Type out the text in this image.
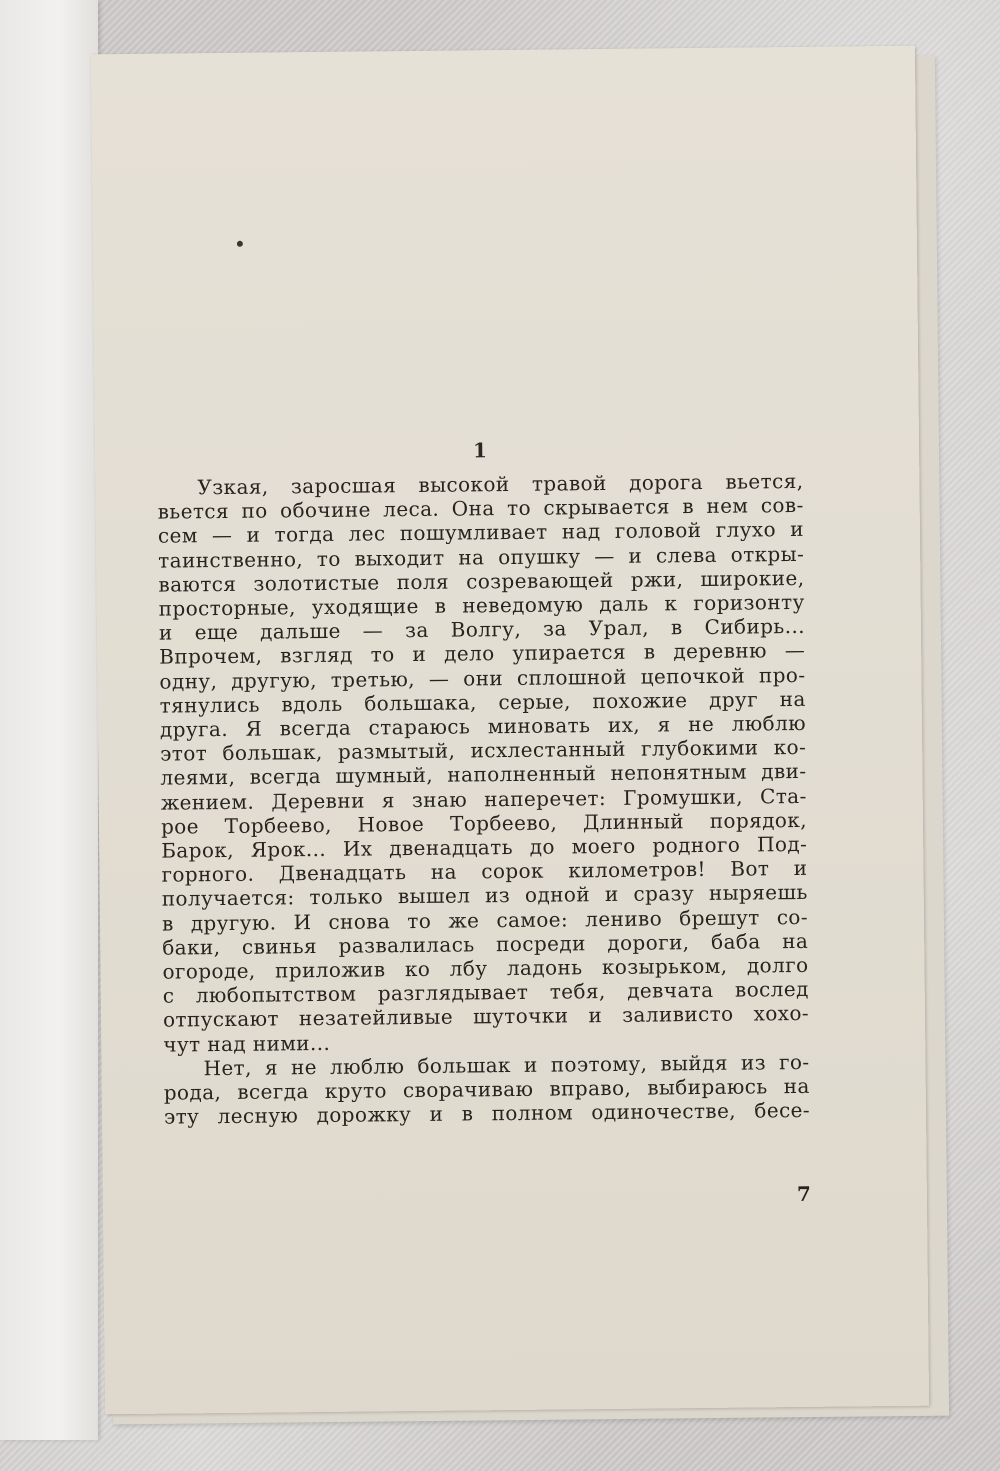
1
Узкая, заросшая высокой травой дорога вьется,
вьется по обочине леса. Она то скрывается в нем сов-
сем — и тогда лес пошумливает над головой глухо и
таинственно, то выходит на опушку — и слева откры-
ваются золотистые поля созревающей ржи, широкие,
просторные, уходящие в неведомую даль к горизонту
и еще дальше — за Волгу, за Урал, в Сибирь...
Впрочем, взгляд то и дело упирается в деревню —
одну, другую, третью, — они сплошной цепочкой про-
тянулись вдоль большака, серые, похожие друг на
друга. Я всегда стараюсь миновать их, я не люблю
этот большак, размытый, исхлестанный глубокими ко-
леями, всегда шумный, наполненный непонятным дви-
жением. Деревни я знаю наперечет: Громушки, Ста-
рое Торбеево, Новое Торбеево, Длинный порядок,
Барок, Ярок... Их двенадцать до моего родного Под-
горного. Двенадцать на сорок километров! Вот и
получается: только вышел из одной и сразу ныряешь
в другую. И снова то же самое: лениво брешут со-
баки, свинья развалилась посреди дороги, баба на
огороде, приложив ко лбу ладонь козырьком, долго
с любопытством разглядывает тебя, девчата вослед
отпускают незатейливые шуточки и заливисто хохо-
чут над ними...
Нет, я не люблю большак и поэтому, выйдя из го-
рода, всегда круто сворачиваю вправо, выбираюсь на
эту лесную дорожку и в полном одиночестве, бесе-
7
